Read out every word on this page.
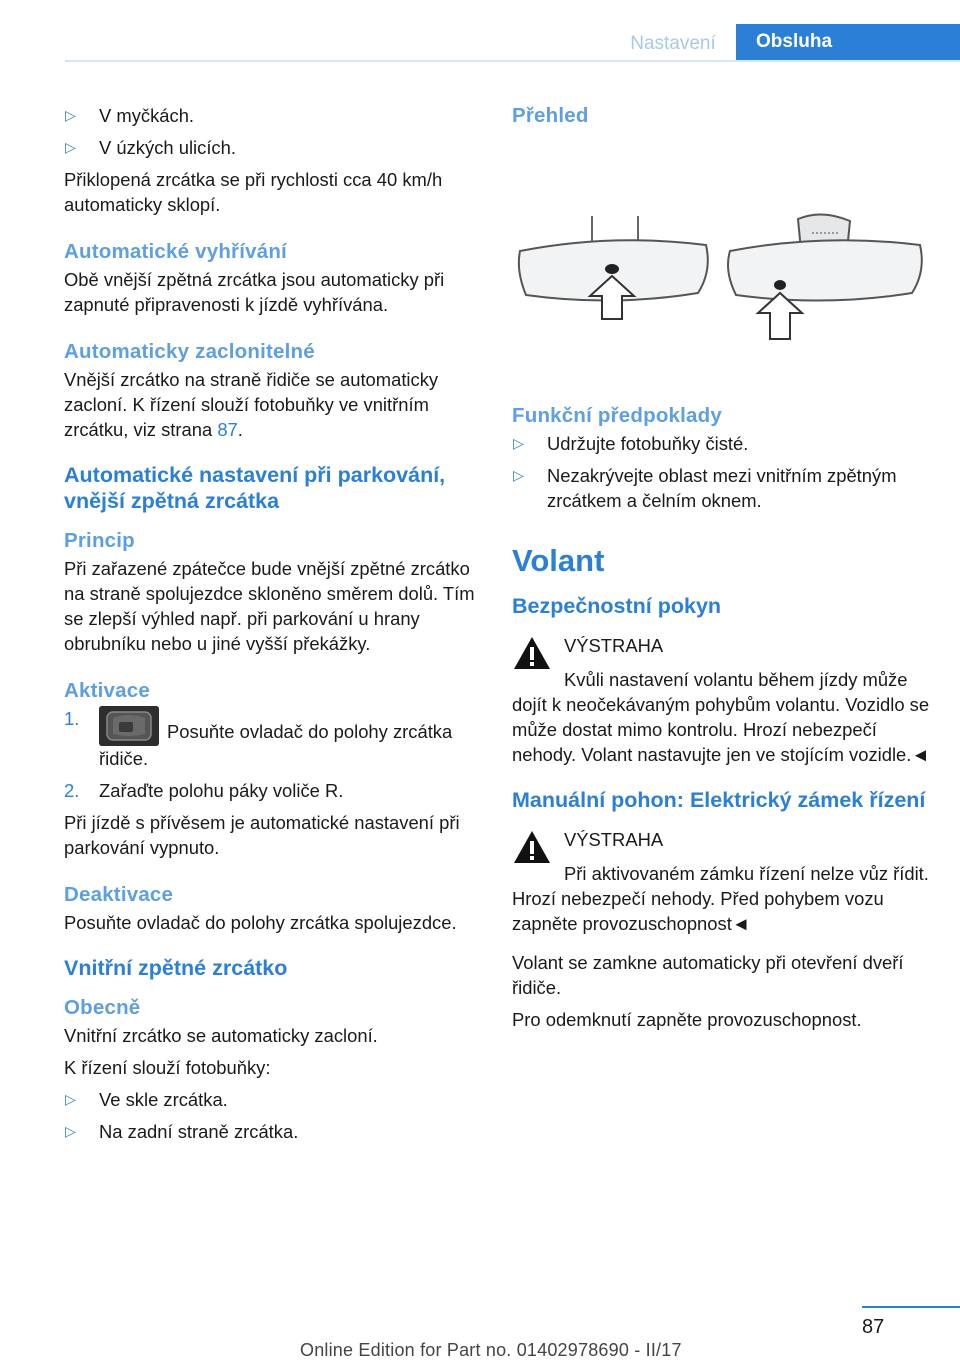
Nastavení	Obsluha
▷ V myčkách.
▷ V úzkých ulicích.

Přiklopená zrcátka se při rychlosti cca 40 km/h automaticky sklopí.

Automatické vyhřívání

Obě vnější zpětná zrcátka jsou automaticky při zapnuté připravenosti k jízdě vyhřívána.

Automaticky zaclonitelné

Vnější zrcátko na straně řidiče se automaticky zacloní. K řízení slouží fotobuňky ve vnitřním zrcátku, viz strana 87.

Automatické nastavení při parkování, vnější zpětná zrcátka
Princip

Při zařazené zpátečce bude vnější zpětné zrcátko na straně spolujezdce skloněno směrem dolů. Tím se zlepší výhled např. při parkování u hrany obrubníku nebo u jiné vyšší překážky.

Aktivace
1.
Posuňte ovladač do polohy zrcátka řidiče.
2. Zařaďte polohu páky voliče R.

Při jízdě s přívěsem je automatické nastavení při parkování vypnuto.

Deaktivace

Posuňte ovladač do polohy zrcátka spolujezdce.

Vnitřní zpětné zrcátko
Obecně

Vnitřní zrcátko se automaticky zacloní.

K řízení slouží fotobuňky:

▷ Ve skle zrcátka.
▷ Na zadní straně zrcátka.
Přehled
Funkční předpoklady
▷ Udržujte fotobuňky čisté.
▷ Nezakrývejte oblast mezi vnitřním zpětným zrcátkem a čelním oknem.
Volant
Bezpečnostní pokyn
VÝSTRAHA

Kvůli nastavení volantu během jízdy může dojít k neočekávaným pohybům volantu. Vozidlo se může dostat mimo kontrolu. Hrozí nebezpečí nehody. Volant nastavujte jen ve stojícím vozidle.◄

Manuální pohon: Elektrický zámek řízení
VÝSTRAHA

Při aktivovaném zámku řízení nelze vůz řídit. Hrozí nebezpečí nehody. Před pohybem vozu zapněte provozuschopnost◄

Volant se zamkne automaticky při otevření dveří řidiče.

Pro odemknutí zapněte provozuschopnost.

87
Online Edition for Part no. 01402978690 - II/17
